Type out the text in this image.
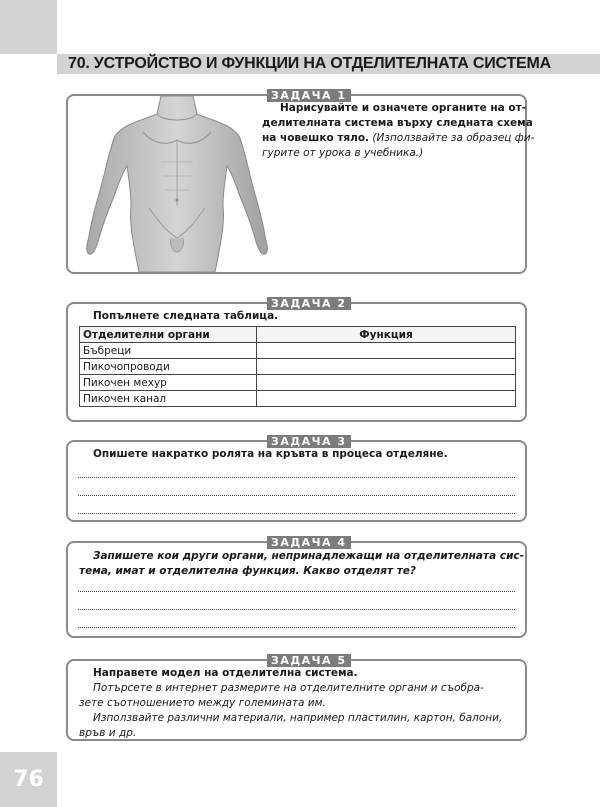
70. УСТРОЙСТВО И ФУНКЦИИ НА ОТДЕЛИТЕЛНАТА СИСТЕМА
ЗАДАЧА 1
Нарисувайте и означете органите на от-
делителната система върху следната схема
на човешко тяло. (Използвайте за образец фи-
гурите от урока в учебника.)
ЗАДАЧА 2
Попълнете следната таблица.
Отделителни органи	Функция
Бъбреци	
Пикочопроводи	
Пикочен мехур	
Пикочен канал	
ЗАДАЧА 3
Опишете накратко ролята на кръвта в процеса отделяне.
ЗАДАЧА 4
Запишете кои други органи, непринадлежащи на отделителната сис-
тема, имат и отделителна функция. Какво отделят те?
ЗАДАЧА 5
Направете модел на отделителна система.
Потърсете в интернет размерите на отделителните органи и съобра-
зете съотношението между големината им.
Използвайте различни материали, например пластилин, картон, балони,
връв и др.
76
